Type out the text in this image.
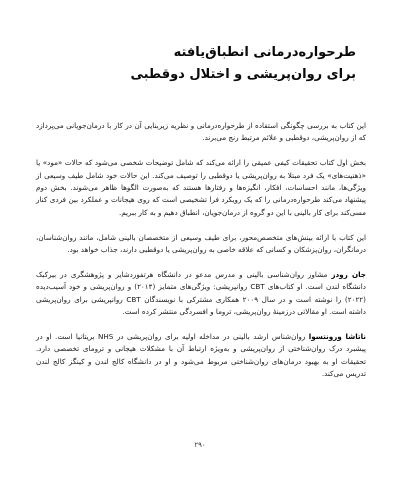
طرحواره‌درمانی انطباق‌یافته
برای روان‌پریشی و اختلال دوقطبی

این کتاب به بررسی چگونگی استفاده از طرحواره‌درمانی و نظریه زیربنایی آن در کار با درمان‌جویانی می‌پردازد که از روان‌پریشی، دوقطبی و علائم مرتبط رنج می‌برند.

بخش اول کتاب تحقیقات کیفی عمیقی را ارائه می‌کند که شامل توضیحات شخصی می‌شود که حالات «مود» یا «ذهنیت‌های» یک فرد مبتلا به روان‌پریشی یا دوقطبی را توصیف می‌کند. این حالات خود شامل طیف وسیعی از ویژگی‌ها، مانند احساسات، افکار، انگیزه‌ها و رفتارها هستند که به‌صورت الگوها ظاهر می‌شوند. بخش دوم پیشنهاد می‌کند طرحواره‌درمانی را که یک رویکرد فرا تشخیصی است که روی هیجانات و عملکرد بین فردی کنار مسی‌کند برای کار بالینی با این دو گروه از درمان‌جویان، انطباق دهیم و به کار ببریم.

این کتاب با ارائه بینش‌های متخصص‌محور، برای طیف وسیعی از متخصصان بالینی شامل، مانند روان‌شناسان، درمانگران، روان‌پزشکان و کسانی که علاقه خاصی به روان‌پریشی یا دوقطبی دارند، جذاب خواهد بود.

جان رودز مشاور روان‌شناسی بالینی و مدرس مدعو در دانشگاه هرتفوردشایر و پژوهشگری در بیرکبک دانشگاه لندن است. او کتاب‌های CBT روانپریشی: ویژگی‌های متمایز (۲۰۱۴) و روان‌پریشی و خود آسیب‌دیده (۲۰۲۲) را نوشته است و در سال ۲۰۰۹ همکاری مشترکی با نویسندگان CBT روانپریشی برای روان‌پریشی داشته است. او مقالاتی درزمینهٔ روان‌پریشی، تروما و افسردگی منتشر کرده است.

ناتاشا ورونتسوا روان‌شناس ارشد بالینی در مداخله اولیه برای روان‌پریشی در NHS بریتانیا است. او در پیشبرد درک روان‌شناختی از روان‌پریشی و به‌ویژه ارتباط آن با مشکلات هیجانی و ترومای تخصصی دارد. تحقیقات او به بهبود درمان‌های روان‌شناختی مربوط می‌شود و او در دانشگاه کالج لندن و کینگز کالج لندن تدریس می‌کند.

۲۹۰
